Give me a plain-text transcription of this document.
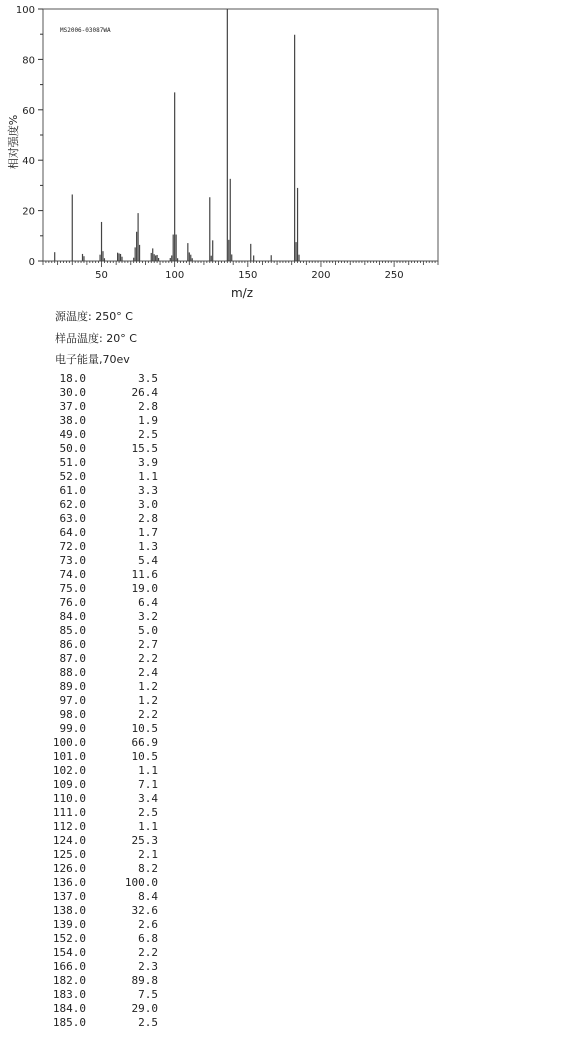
MS2006-03087WA
0
20
40
60
80
100
50	100	150	200	250
m/z
相对强度%
源温度: 250° C
样品温度: 20° C
电子能量,70ev
18.0	3.5
30.0	26.4
37.0	2.8
38.0	1.9
49.0	2.5
50.0	15.5
51.0	3.9
52.0	1.1
61.0	3.3
62.0	3.0
63.0	2.8
64.0	1.7
72.0	1.3
73.0	5.4
74.0	11.6
75.0	19.0
76.0	6.4
84.0	3.2
85.0	5.0
86.0	2.7
87.0	2.2
88.0	2.4
89.0	1.2
97.0	1.2
98.0	2.2
99.0	10.5
100.0	66.9
101.0	10.5
102.0	1.1
109.0	7.1
110.0	3.4
111.0	2.5
112.0	1.1
124.0	25.3
125.0	2.1
126.0	8.2
136.0	100.0
137.0	8.4
138.0	32.6
139.0	2.6
152.0	6.8
154.0	2.2
166.0	2.3
182.0	89.8
183.0	7.5
184.0	29.0
185.0	2.5
